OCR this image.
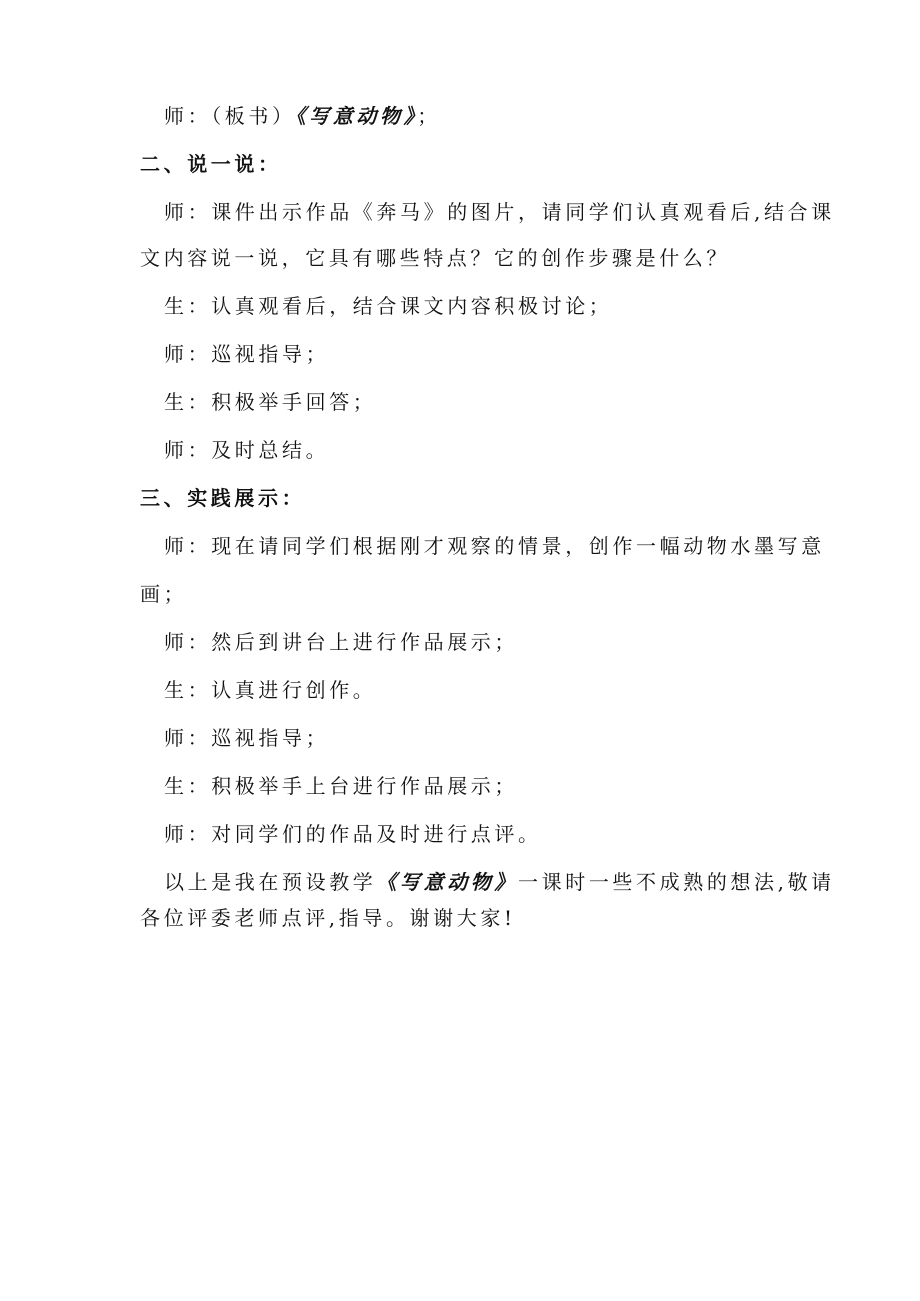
师：（板书）《写意动物》；
二、说一说：
师：课件出示作品《奔马》的图片，请同学们认真观看后,结合课
文内容说一说，它具有哪些特点？它的创作步骤是什么？
生：认真观看后，结合课文内容积极讨论；
师：巡视指导；
生：积极举手回答；
师：及时总结。
三、实践展示：
师：现在请同学们根据刚才观察的情景，创作一幅动物水墨写意
画；
师：然后到讲台上进行作品展示；
生：认真进行创作。
师：巡视指导；
生：积极举手上台进行作品展示；
师：对同学们的作品及时进行点评。
以上是我在预设教学《写意动物》一课时一些不成熟的想法,敬请
各位评委老师点评,指导。谢谢大家!
